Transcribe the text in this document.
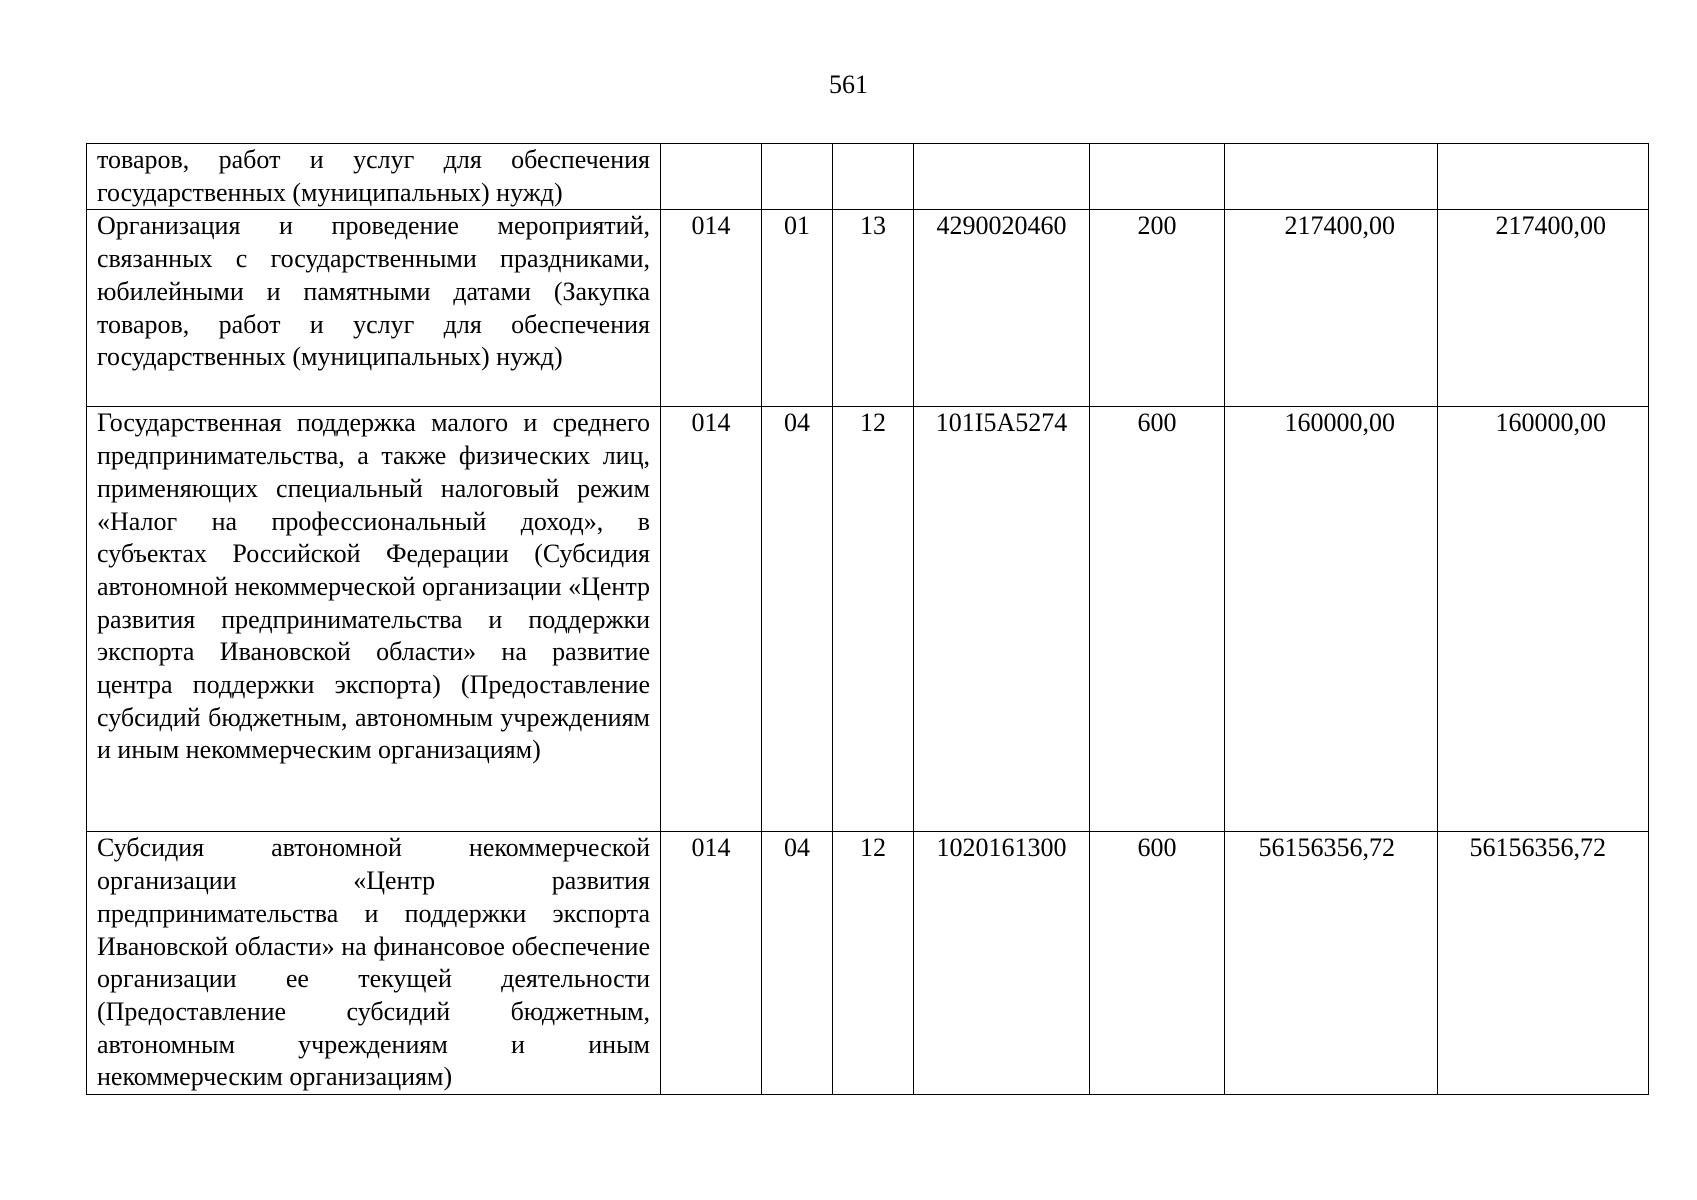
561
товаров, работ и услуг для обеспечения государственных (муниципальных) нужд)							
Организация и проведение мероприятий, связанных с государственными праздниками, юбилейными и памятными датами (Закупка товаров, работ и услуг для обеспечения государственных (муниципальных) нужд)	014	01	13	4290020460	200	217400,00	217400,00
Государственная поддержка малого и среднего предпринимательства, а также физических лиц, применяющих специальный налоговый режим «Налог на профессиональный доход», в субъектах Российской Федерации (Субсидия автономной некоммерческой организации «Центр развития предпринимательства и поддержки экспорта Ивановской области» на развитие центра поддержки экспорта) (Предоставление субсидий бюджетным, автономным учреждениям и иным некоммерческим организациям)	014	04	12	101I5A5274	600	160000,00	160000,00
Субсидия автономной некоммерческой организации «Центр развития предпринимательства и поддержки экспорта Ивановской области» на финансовое обеспечение организации ее текущей деятельности (Предоставление субсидий бюджетным, автономным учреждениям и иным некоммерческим организациям)	014	04	12	1020161300	600	56156356,72	56156356,72
